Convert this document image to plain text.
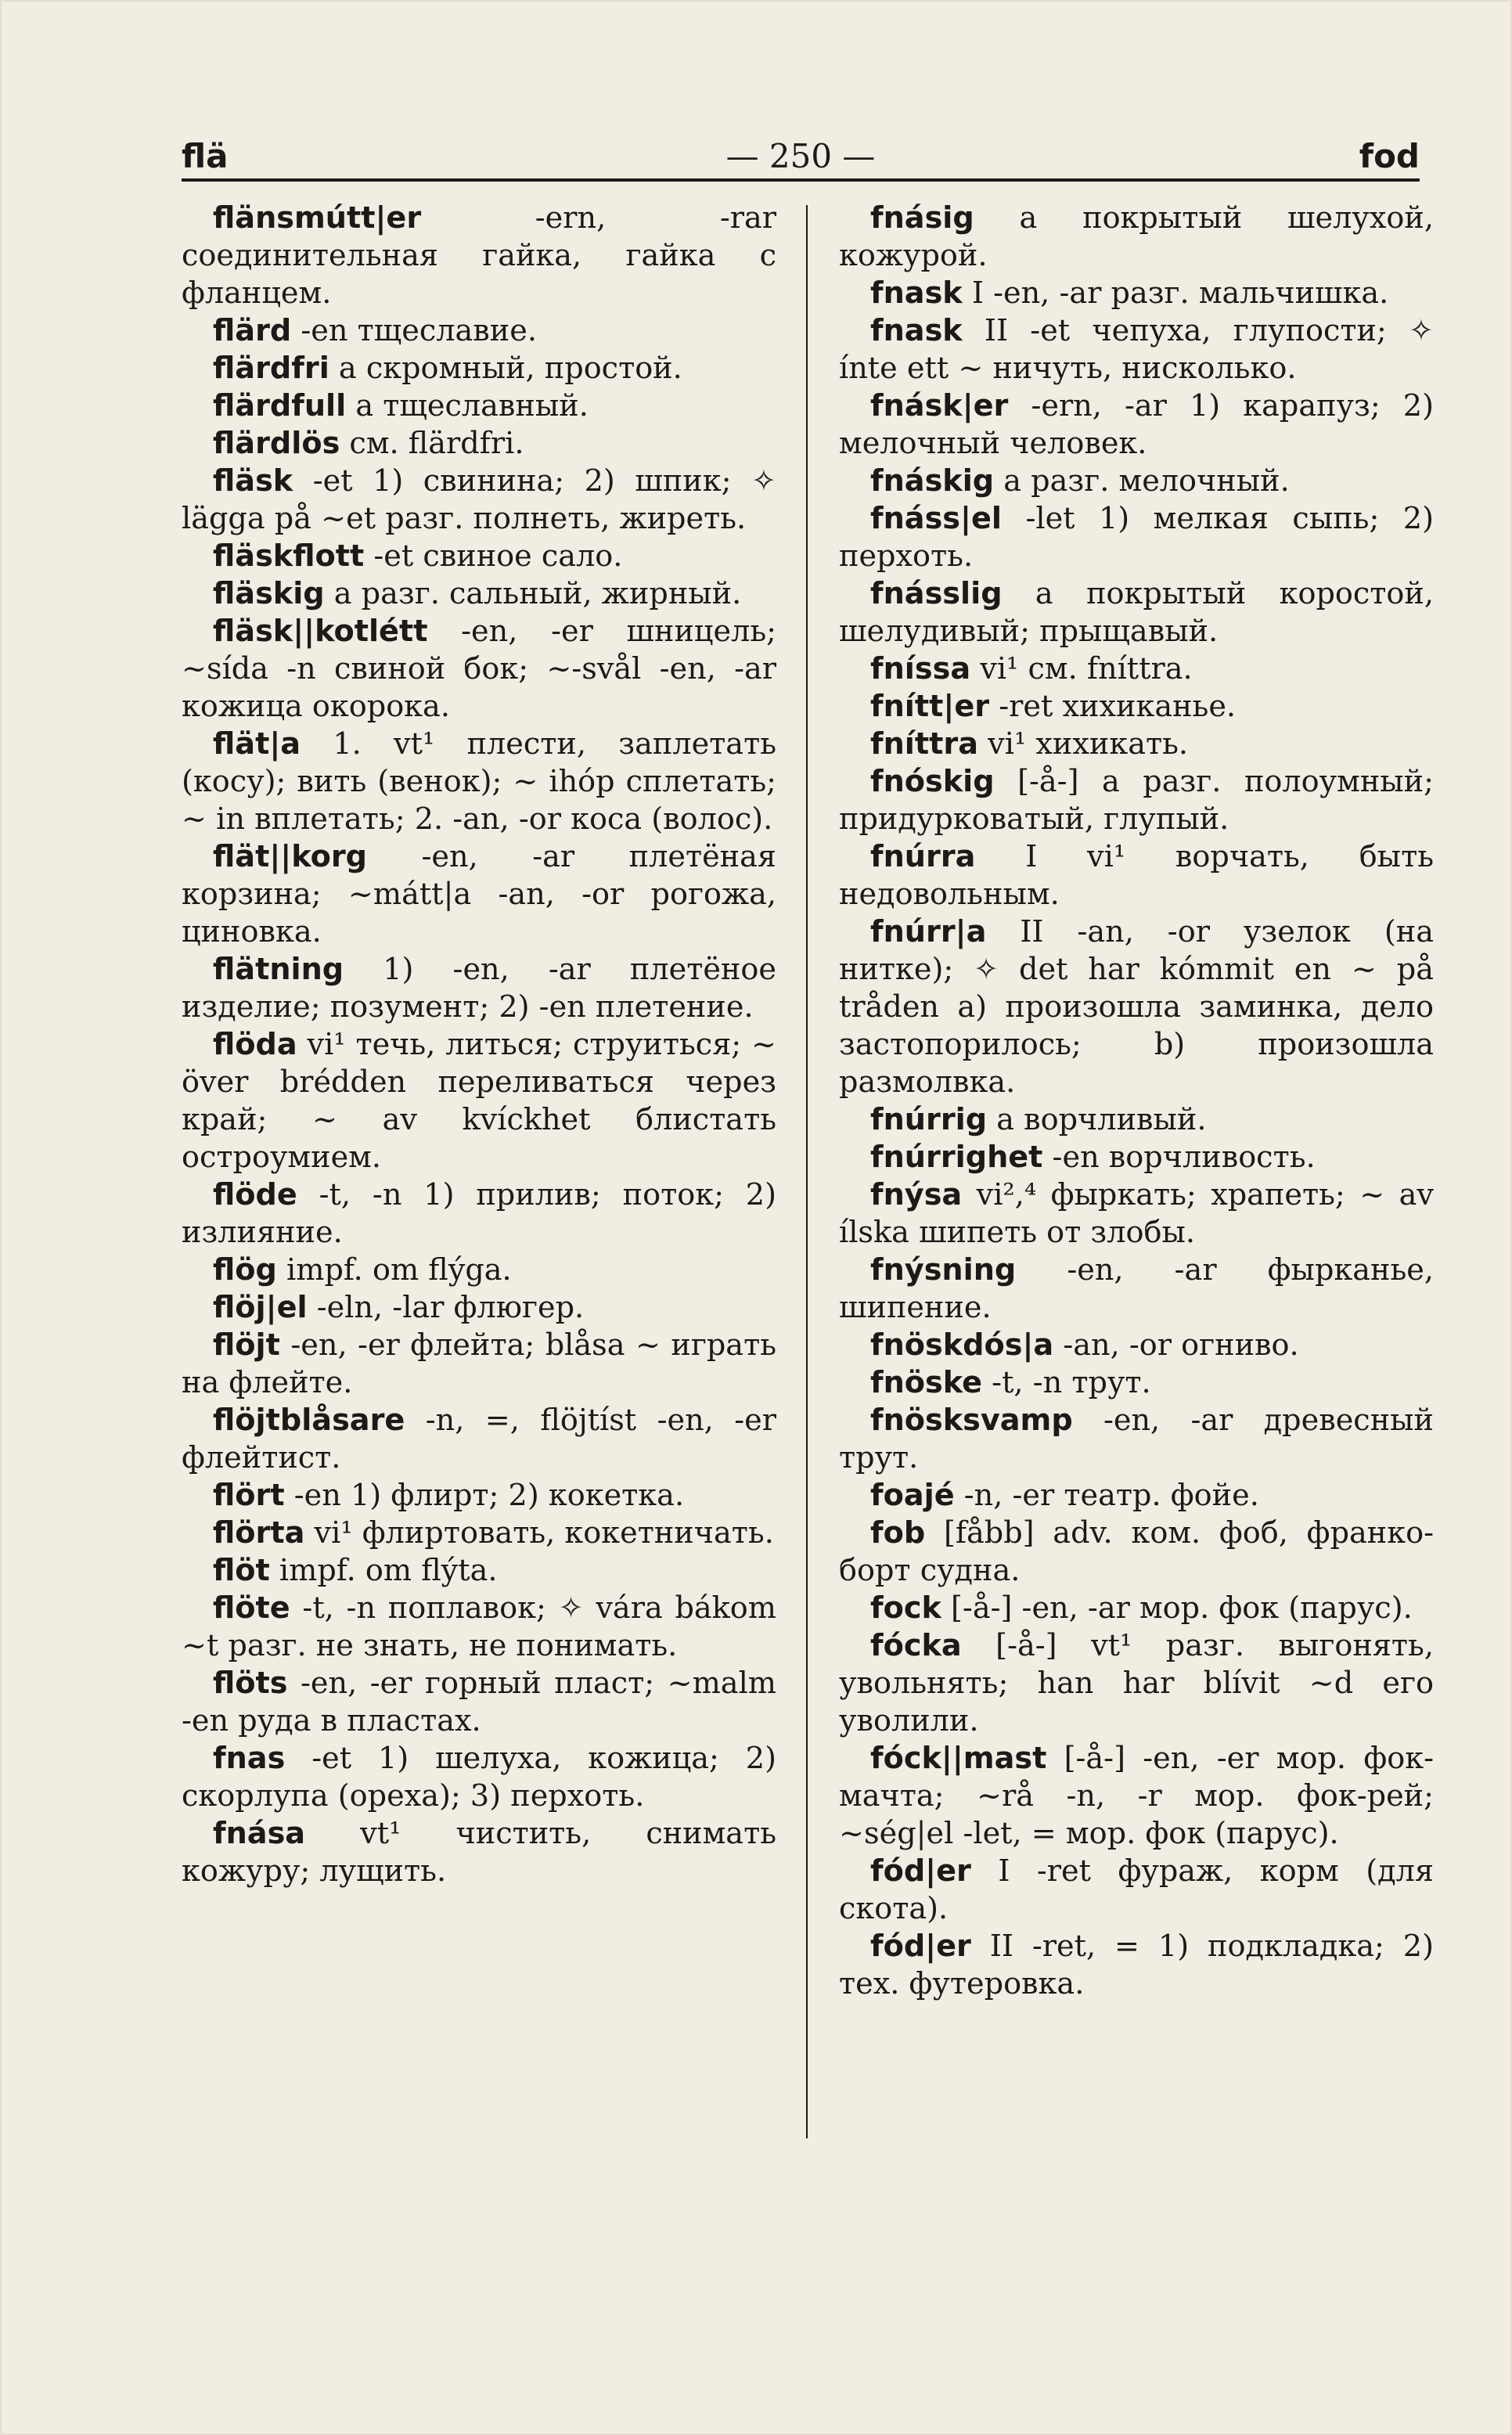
flä	— 250 —	fod

flänsmútt|er -ern, -rar соединительная гайка, гайка с фланцем.

flärd -en тщеславие.

flärdfri a скромный, простой.

flärdfull a тщеславный.

flärdlös см. flärdfri.

fläsk -et 1) свинина; 2) шпик; ✧ lägga på ~et разг. полнеть, жиреть.

fläskflott -et свиное сало.

fläskig a разг. сальный, жирный.

fläsk||kotlétt -en, -er шницель; ~sída -n свиной бок; ~-svål -en, -ar кожица окорока.

flät|a 1. vt¹ плести, заплетать (косу); вить (венок); ~ ihóp сплетать; ~ in вплетать; 2. -an, -or коса (волос).

flät||korg -en, -ar плетёная корзина; ~mátt|a -an, -or рогожа, циновка.

flätning 1) -en, -ar плетёное изделие; позумент; 2) -en плетение.

flöda vi¹ течь, литься; струиться; ~ över brédden переливаться через край; ~ av kvíckhet блистать остроумием.

flöde -t, -n 1) прилив; поток; 2) излияние.

flög impf. om flýga.

flöj|el -eln, -lar флюгер.

flöjt -en, -er флейта; blåsa ~ играть на флейте.

flöjtblåsare -n, =, flöjtíst -en, -er флейтист.

flört -en 1) флирт; 2) кокетка.

flörta vi¹ флиртовать, кокетничать.

flöt impf. om flýta.

flöte -t, -n поплавок; ✧ vára bákom ~t разг. не знать, не понимать.

flöts -en, -er горный пласт; ~malm -en руда в пластах.

fnas -et 1) шелуха, кожица; 2) скорлупа (ореха); 3) перхоть.

fnása vt¹ чистить, снимать кожуру; лущить.

fnásig a покрытый шелухой, кожурой.

fnask I -en, -ar разг. мальчишка.

fnask II -et чепуха, глупости; ✧ ínte ett ~ ничуть, нисколько.

fnásk|er -ern, -ar 1) карапуз; 2) мелочный человек.

fnáskig a разг. мелочный.

fnáss|el -let 1) мелкая сыпь; 2) перхоть.

fnásslig a покрытый коростой, шелудивый; прыщавый.

fníssa vi¹ см. fníttra.

fnítt|er -ret хихиканье.

fníttra vi¹ хихикать.

fnóskig [-å-] a разг. полоумный; придурковатый, глупый.

fnúrra I vi¹ ворчать, быть недовольным.

fnúrr|a II -an, -or узелок (на нитке); ✧ det har kómmit en ~ på tråden a) произошла заминка, дело застопорилось; b) произошла размолвка.

fnúrrig a ворчливый.

fnúrrighet -en ворчливость.

fnýsa vi²,⁴ фыркать; храпеть; ~ av ílska шипеть от злобы.

fnýsning -en, -ar фырканье, шипение.

fnöskdós|a -an, -or огниво.

fnöske -t, -n трут.

fnösksvamp -en, -ar древесный трут.

foajé -n, -er театр. фойе.

fob [fåbb] adv. ком. фоб, франко-борт судна.

fock [-å-] -en, -ar мор. фок (парус).

fócka [-å-] vt¹ разг. выгонять, увольнять; han har blívit ~d его уволили.

fóck||mast [-å-] -en, -er мор. фок-мачта; ~rå -n, -r мор. фок-рей; ~ség|el -let, = мор. фок (парус).

fód|er I -ret фураж, корм (для скота).

fód|er II -ret, = 1) подкладка; 2) тех. футеровка.
